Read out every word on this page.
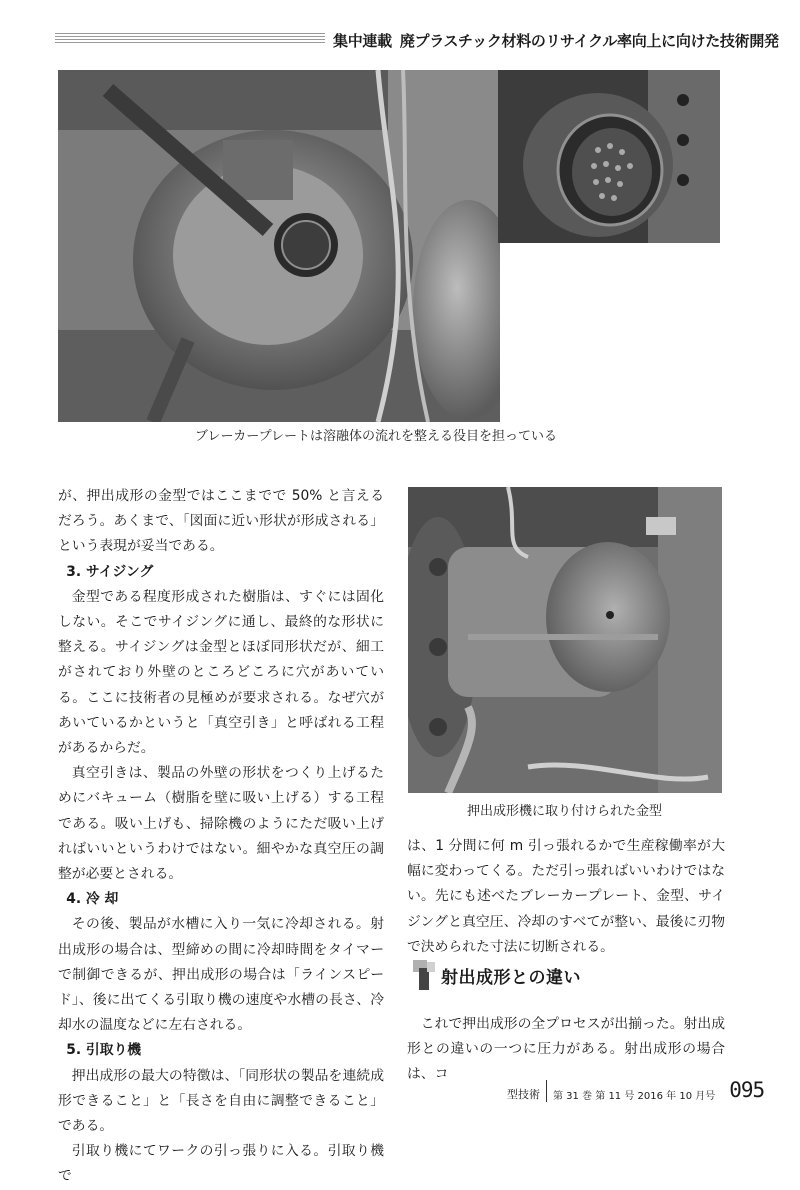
集中連載 廃プラスチック材料のリサイクル率向上に向けた技術開発
ブレーカープレートは溶融体の流れを整える役目を担っている
押出成形機に取り付けられた金型

が、押出成形の金型ではここまでで 50% と言えるだろう。あくまで、「図面に近い形状が形成される」という表現が妥当である。

3. サイジング

金型である程度形成された樹脂は、すぐには固化しない。そこでサイジングに通し、最終的な形状に整える。サイジングは金型とほぼ同形状だが、細工がされており外壁のところどころに穴があいている。ここに技術者の見極めが要求される。なぜ穴があいているかというと「真空引き」と呼ばれる工程があるからだ。

真空引きは、製品の外壁の形状をつくり上げるためにバキューム（樹脂を壁に吸い上げる）する工程である。吸い上げも、掃除機のようにただ吸い上げればいいというわけではない。細やかな真空圧の調整が必要とされる。

4. 冷 却

その後、製品が水槽に入り一気に冷却される。射出成形の場合は、型締めの間に冷却時間をタイマーで制御できるが、押出成形の場合は「ラインスピード」、後に出てくる引取り機の速度や水槽の長さ、冷却水の温度などに左右される。

5. 引取り機

押出成形の最大の特徴は、「同形状の製品を連続成形できること」と「長さを自由に調整できること」である。

引取り機にてワークの引っ張りに入る。引取り機で

は、1 分間に何 m 引っ張れるかで生産稼働率が大幅に変わってくる。ただ引っ張ればいいわけではない。先にも述べたブレーカープレート、金型、サイジングと真空圧、冷却のすべてが整い、最後に刃物で決められた寸法に切断される。

射出成形との違い

これで押出成形の全プロセスが出揃った。射出成形との違いの一つに圧力がある。射出成形の場合は、コ

型技術 第 31 巻 第 11 号 2016 年 10 月号 095
